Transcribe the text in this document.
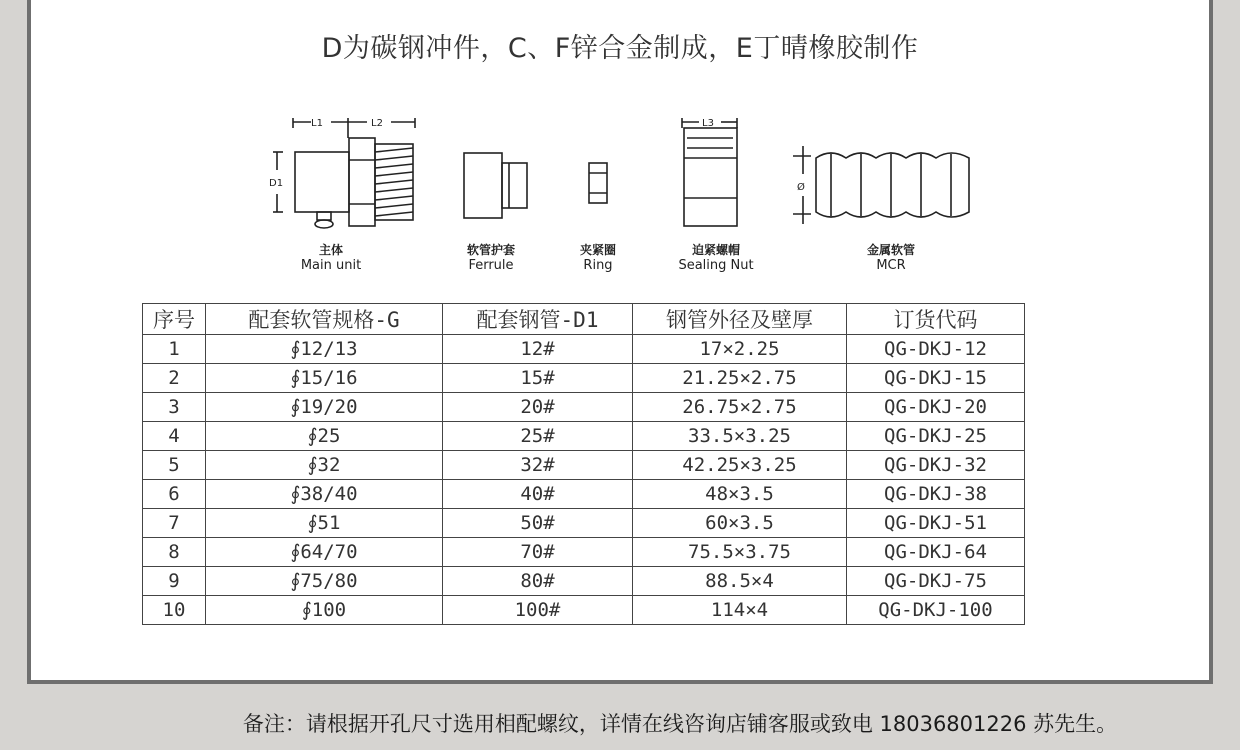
D为碳钢冲件，C、F锌合金制成，E丁晴橡胶制作
L1	L2	L3
D1	Ø
主体
Main unit
软管护套
Ferrule
夹紧圈
Ring
迫紧螺帽
Sealing Nut
金属软管
MCR
序号	配套软管规格-G	配套钢管-D1	钢管外径及壁厚	订货代码
1	∮12/13	12#	17×2.25	QG-DKJ-12
2	∮15/16	15#	21.25×2.75	QG-DKJ-15
3	∮19/20	20#	26.75×2.75	QG-DKJ-20
4	∮25	25#	33.5×3.25	QG-DKJ-25
5	∮32	32#	42.25×3.25	QG-DKJ-32
6	∮38/40	40#	48×3.5	QG-DKJ-38
7	∮51	50#	60×3.5	QG-DKJ-51
8	∮64/70	70#	75.5×3.75	QG-DKJ-64
9	∮75/80	80#	88.5×4	QG-DKJ-75
10	∮100	100#	114×4	QG-DKJ-100
备注：请根据开孔尺寸选用相配螺纹，详情在线咨询店铺客服或致电 18036801226 苏先生。
